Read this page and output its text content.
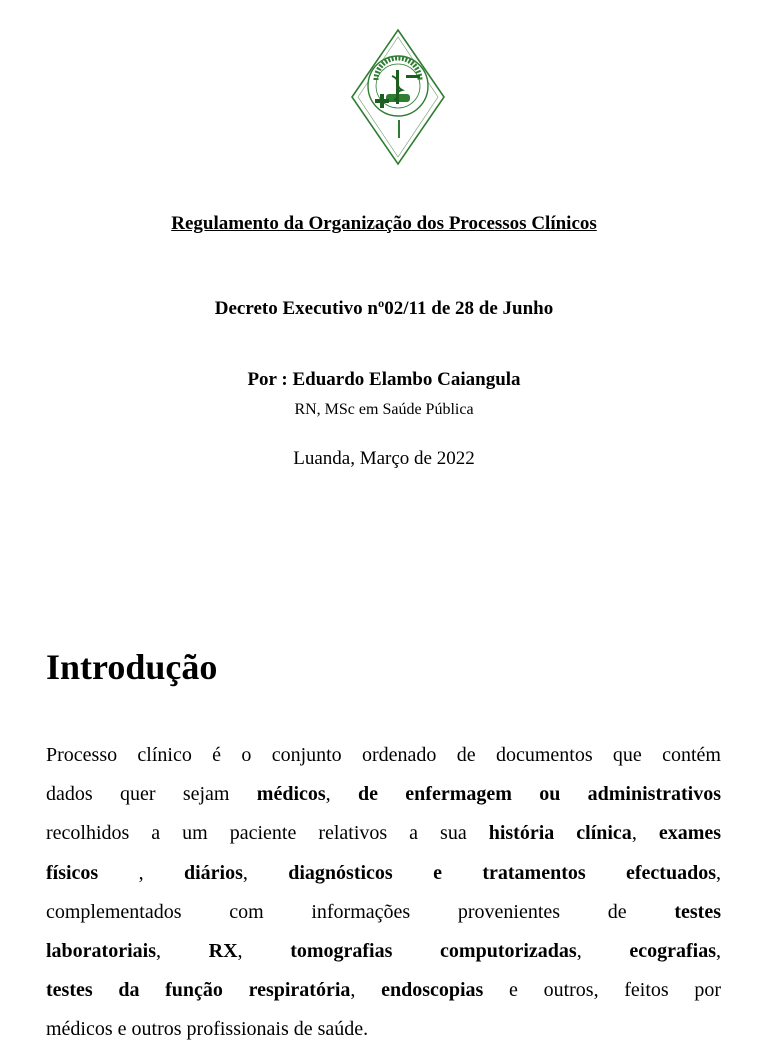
Regulamento da Organização dos Processos Clínicos
Decreto Executivo nº02/11 de 28 de Junho
Por : Eduardo Elambo Caiangula
RN, MSc em Saúde Pública
Luanda, Março de 2022
Introdução

Processo clínico é o conjunto ordenado de documentos que contém
dados quer sejam médicos, de enfermagem ou administrativos
recolhidos a um paciente relativos a sua história clínica, exames
físicos , diários, diagnósticos e tratamentos efectuados,
complementados com informações provenientes de testes
laboratoriais, RX, tomografias computorizadas, ecografias,
testes da função respiratória, endoscopias e outros, feitos por
médicos e outros profissionais de saúde.
